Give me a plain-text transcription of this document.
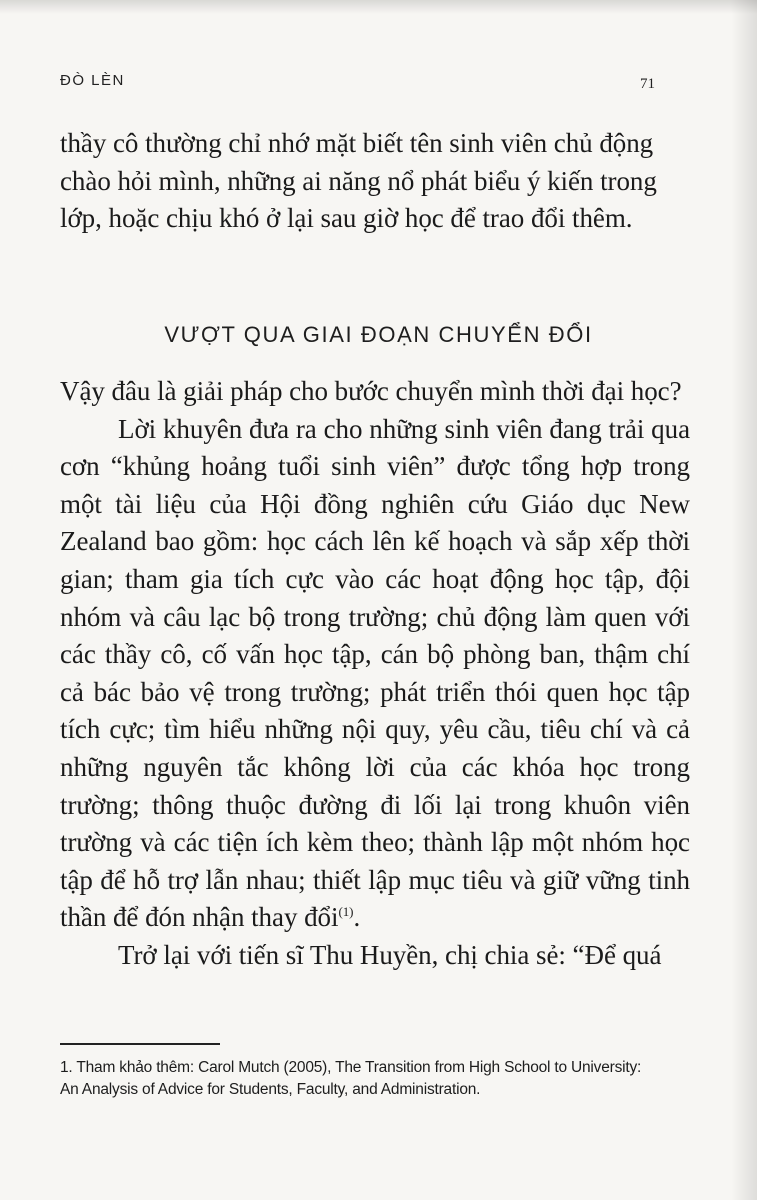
ĐÒ LÈN	71

thầy cô thường chỉ nhớ mặt biết tên sinh viên chủ động

chào hỏi mình, những ai năng nổ phát biểu ý kiến trong

lớp, hoặc chịu khó ở lại sau giờ học để trao đổi thêm.

VƯỢT QUA GIAI ĐOẠN CHUYỂN ĐỔI

Vậy đâu là giải pháp cho bước chuyển mình thời đại học?

Lời khuyên đưa ra cho những sinh viên đang trải qua cơn “khủng hoảng tuổi sinh viên” được tổng hợp trong một tài liệu của Hội đồng nghiên cứu Giáo dục New Zealand bao gồm: học cách lên kế hoạch và sắp xếp thời gian; tham gia tích cực vào các hoạt động học tập, đội nhóm và câu lạc bộ trong trường; chủ động làm quen với các thầy cô, cố vấn học tập, cán bộ phòng ban, thậm chí cả bác bảo vệ trong trường; phát triển thói quen học tập tích cực; tìm hiểu những nội quy, yêu cầu, tiêu chí và cả những nguyên tắc không lời của các khóa học trong trường; thông thuộc đường đi lối lại trong khuôn viên trường và các tiện ích kèm theo; thành lập một nhóm học tập để hỗ trợ lẫn nhau; thiết lập mục tiêu và giữ vững tinh thần để đón nhận thay đổi$^{(1)}$.

Trở lại với tiến sĩ Thu Huyền, chị chia sẻ: “Để quá

1. Tham khảo thêm: Carol Mutch (2005), The Transition from High School to University:

An Analysis of Advice for Students, Faculty, and Administration.
